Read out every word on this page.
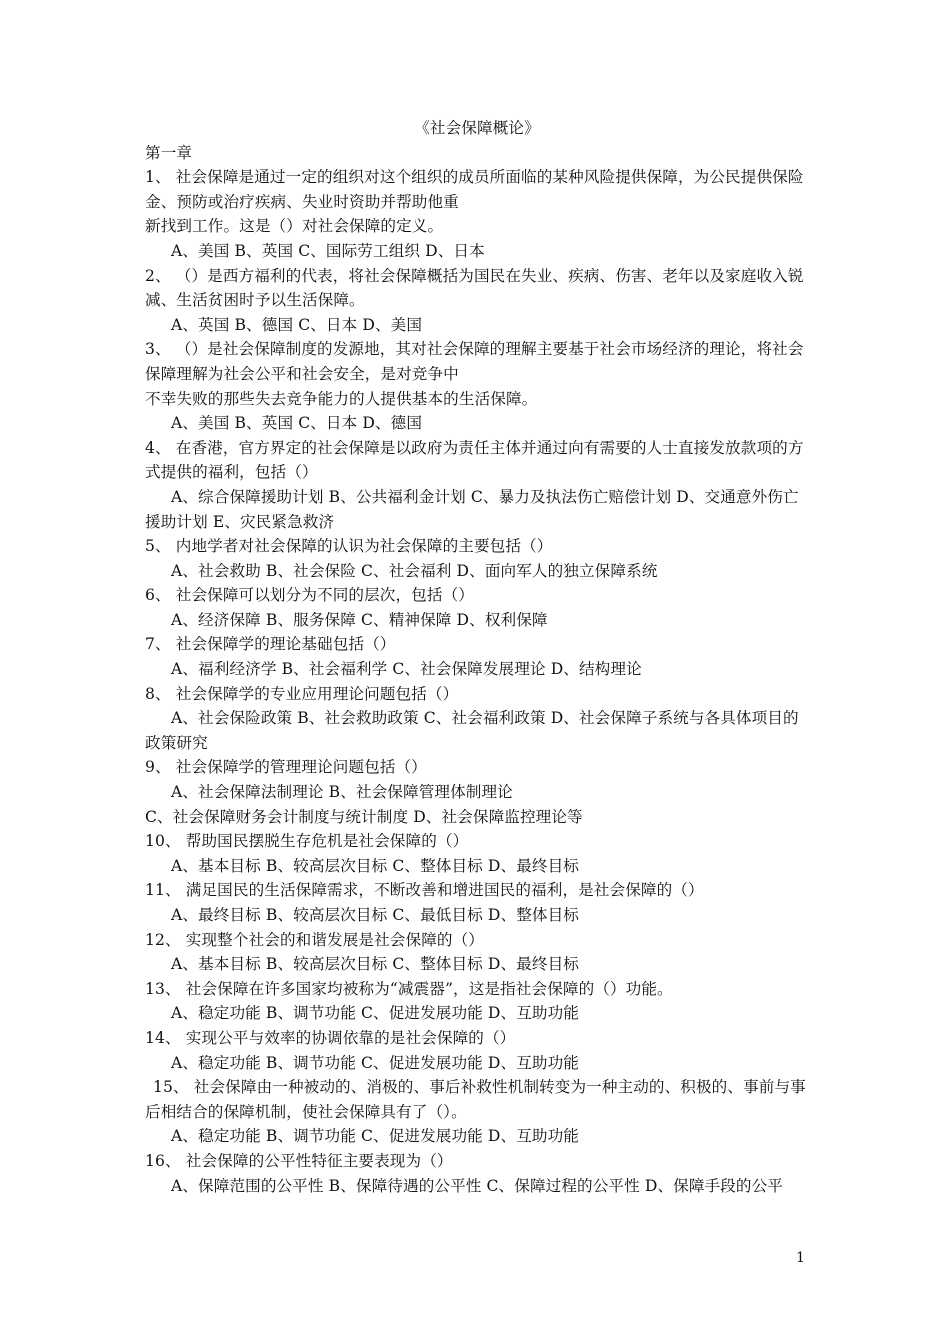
《社会保障概论》

第一章

1、 社会保障是通过一定的组织对这个组织的成员所面临的某种风险提供保障，为公民提供保险金、预防或治疗疾病、失业时资助并帮助他重

新找到工作。这是（）对社会保障的定义。

A、美国 B、英国 C、国际劳工组织 D、日本

2、 （）是西方福利的代表，将社会保障概括为国民在失业、疾病、伤害、老年以及家庭收入锐减、生活贫困时予以生活保障。

A、英国 B、德国 C、日本 D、美国

3、 （）是社会保障制度的发源地，其对社会保障的理解主要基于社会市场经济的理论，将社会保障理解为社会公平和社会安全，是对竞争中

不幸失败的那些失去竞争能力的人提供基本的生活保障。

A、美国 B、英国 C、日本 D、德国

4、 在香港，官方界定的社会保障是以政府为责任主体并通过向有需要的人士直接发放款项的方式提供的福利，包括（）

A、综合保障援助计划 B、公共福利金计划 C、暴力及执法伤亡赔偿计划 D、交通意外伤亡援助计划 E、灾民紧急救济

5、 内地学者对社会保障的认识为社会保障的主要包括（）

A、社会救助 B、社会保险 C、社会福利 D、面向军人的独立保障系统

6、 社会保障可以划分为不同的层次，包括（）

A、经济保障 B、服务保障 C、精神保障 D、权利保障

7、 社会保障学的理论基础包括（）

A、福利经济学 B、社会福利学 C、社会保障发展理论 D、结构理论

8、 社会保障学的专业应用理论问题包括（）

A、社会保险政策 B、社会救助政策 C、社会福利政策 D、社会保障子系统与各具体项目的政策研究

9、 社会保障学的管理理论问题包括（）

A、社会保障法制理论 B、社会保障管理体制理论

C、社会保障财务会计制度与统计制度 D、社会保障监控理论等

10、 帮助国民摆脱生存危机是社会保障的（）

A、基本目标 B、较高层次目标 C、整体目标 D、最终目标

11、 满足国民的生活保障需求，不断改善和增进国民的福利，是社会保障的（）

A、最终目标 B、较高层次目标 C、最低目标 D、整体目标

12、 实现整个社会的和谐发展是社会保障的（）

A、基本目标 B、较高层次目标 C、整体目标 D、最终目标

13、 社会保障在许多国家均被称为“减震器”，这是指社会保障的（）功能。

A、稳定功能 B、调节功能 C、促进发展功能 D、互助功能

14、 实现公平与效率的协调依靠的是社会保障的（）

A、稳定功能 B、调节功能 C、促进发展功能 D、互助功能

15、 社会保障由一种被动的、消极的、事后补救性机制转变为一种主动的、积极的、事前与事后相结合的保障机制，使社会保障具有了（）。

A、稳定功能 B、调节功能 C、促进发展功能 D、互助功能

16、 社会保障的公平性特征主要表现为（）

A、保障范围的公平性 B、保障待遇的公平性 C、保障过程的公平性 D、保障手段的公平

1
